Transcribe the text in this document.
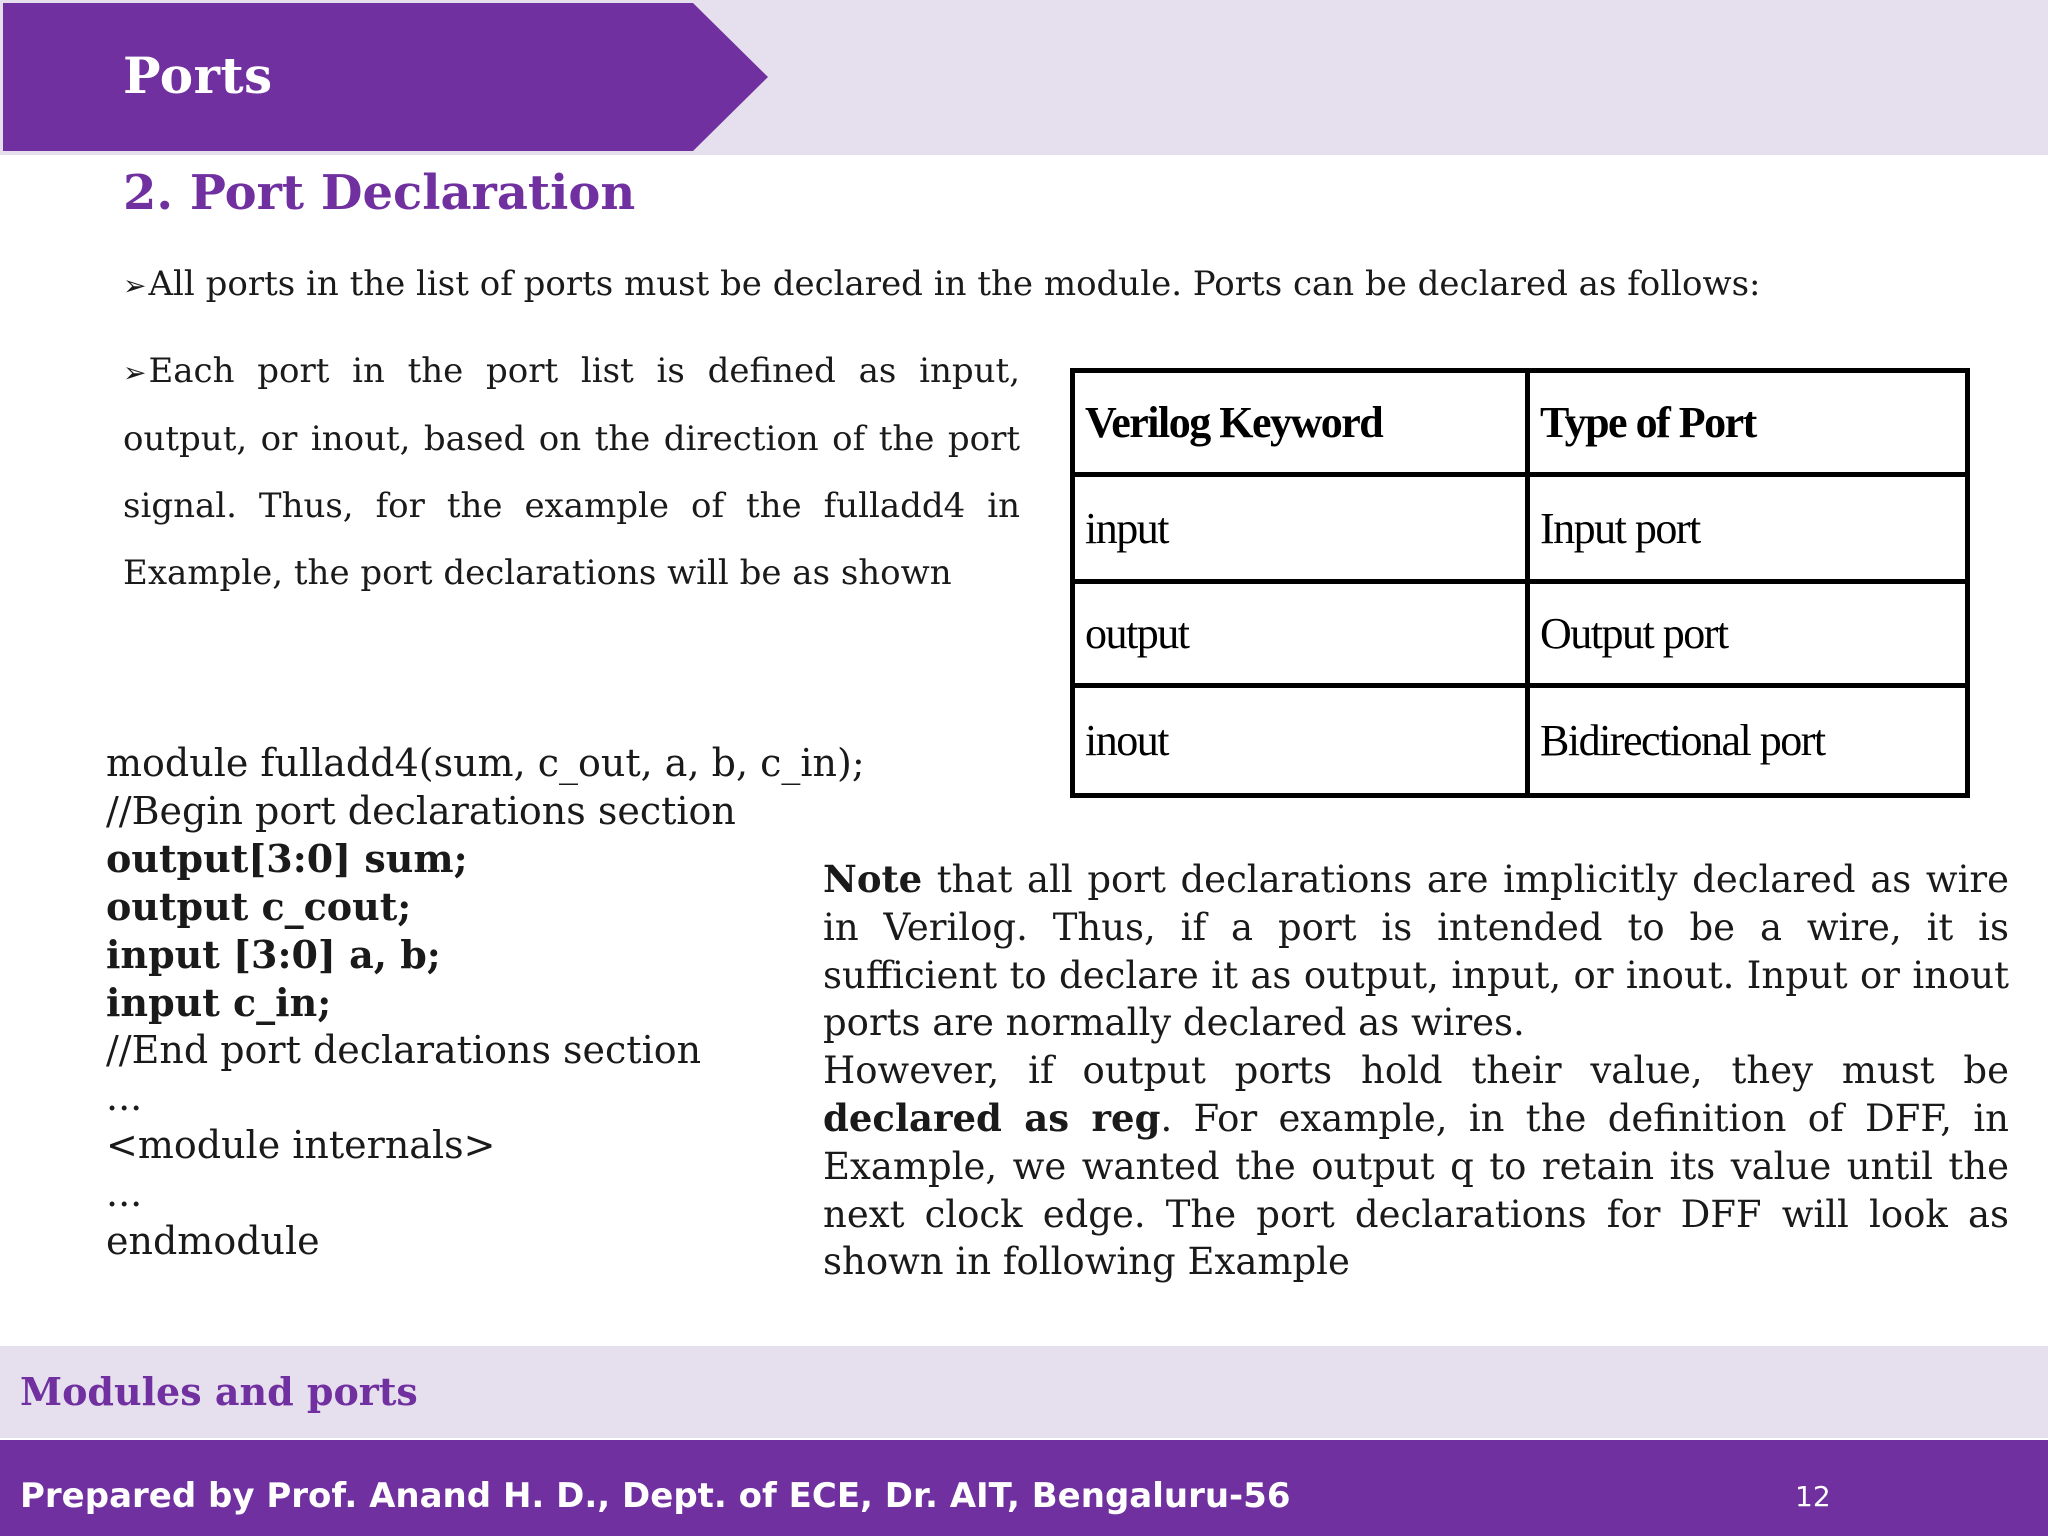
Ports
2. Port Declaration
➢All ports in the list of ports must be declared in the module. Ports can be declared as follows:
➢Each port in the port list is defined as input, output, or inout, based on the direction of the port signal. Thus, for the example of the fulladd4 in Example, the port declarations will be as shown

module fulladd4(sum, c_out, a, b, c_in);
//Begin port declarations section
output[3:0] sum;
output c_cout;
input [3:0] a, b;
input c_in;
//End port declarations section
...
<module internals>
...
endmodule

Verilog Keyword	Type of Port
input	Input port
output	Output port
inout	Bidirectional port
Note that all port declarations are implicitly declared as wire in Verilog. Thus, if a port is intended to be a wire, it is sufficient to declare it as output, input, or inout. Input or inout ports are normally declared as wires.
However, if output ports hold their value, they must be declared as reg. For example, in the definition of DFF, in Example, we wanted the output q to retain its value until the next clock edge. The port declarations for DFF will look as shown in following Example
Modules and ports
Prepared by Prof. Anand H. D., Dept. of ECE, Dr. AIT, Bengaluru-56	12
